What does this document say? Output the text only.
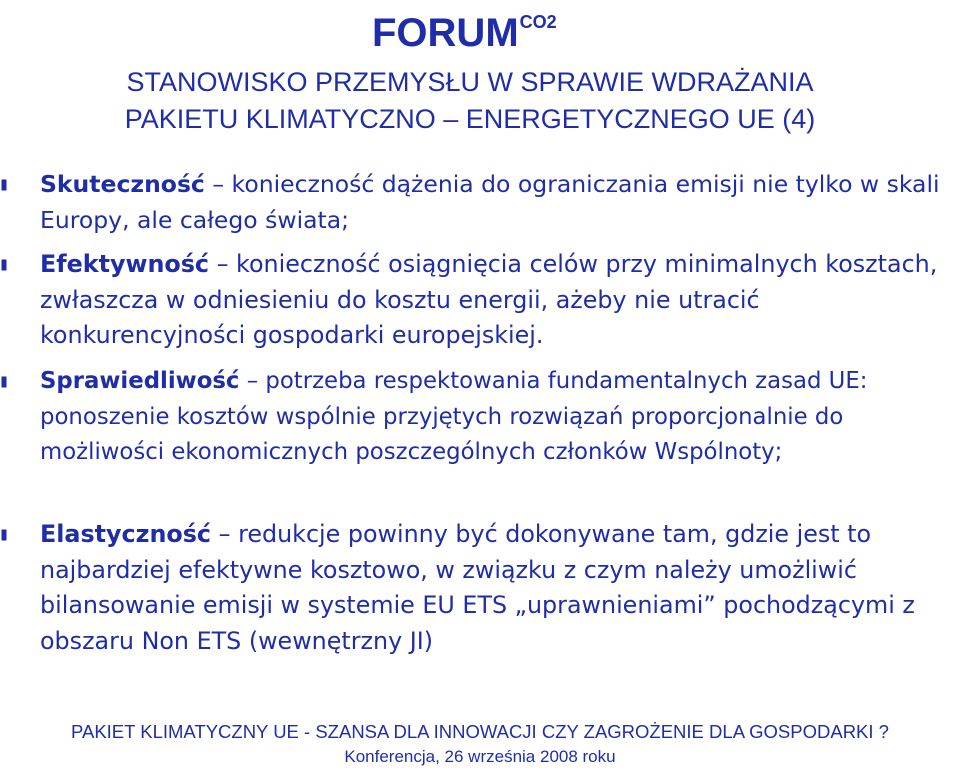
$FORUM^{CO2}$
STANOWISKO PRZEMYSŁU W SPRAWIE WDRAŻANIA
PAKIETU KLIMATYCZNO – ENERGETYCZNEGO UE (4)
Skuteczność – konieczność dążenia do ograniczania emisji nie tylko w skali Europy, ale całego świata;
Efektywność – konieczność osiągnięcia celów przy minimalnych kosztach, zwłaszcza w odniesieniu do kosztu energii, ażeby nie utracić konkurencyjności gospodarki europejskiej.
Sprawiedliwość – potrzeba respektowania fundamentalnych zasad UE: ponoszenie kosztów wspólnie przyjętych rozwiązań proporcjonalnie do możliwości ekonomicznych poszczególnych członków Wspólnoty;
Elastyczność – redukcje powinny być dokonywane tam, gdzie jest to najbardziej efektywne kosztowo, w związku z czym należy umożliwić bilansowanie emisji w systemie EU ETS „uprawnieniami” pochodzącymi z obszaru Non ETS (wewnętrzny JI)
PAKIET KLIMATYCZNY UE - SZANSA DLA INNOWACJI CZY ZAGROŻENIE DLA GOSPODARKI ?
Konferencja, 26 września 2008 roku
